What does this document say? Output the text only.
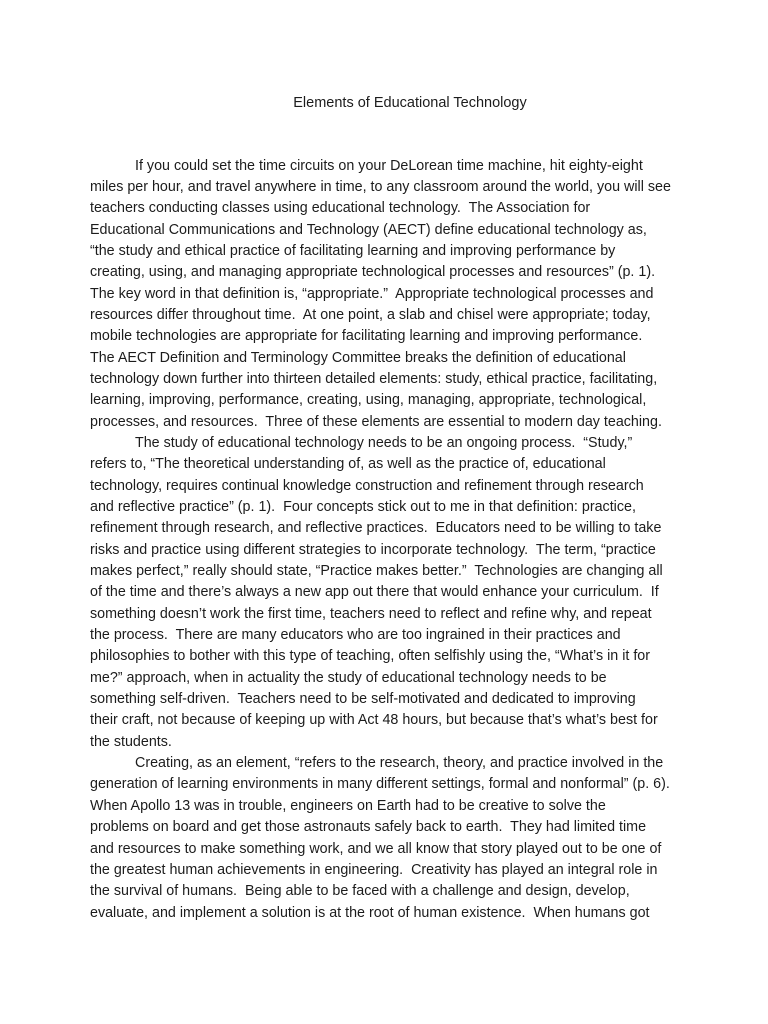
Elements of Educational Technology
If you could set the time circuits on your DeLorean time machine, hit eighty-eight
miles per hour, and travel anywhere in time, to any classroom around the world, you will see
teachers conducting classes using educational technology.  The Association for
Educational Communications and Technology (AECT) define educational technology as,
“the study and ethical practice of facilitating learning and improving performance by
creating, using, and managing appropriate technological processes and resources” (p. 1).
The key word in that definition is, “appropriate.”  Appropriate technological processes and
resources differ throughout time.  At one point, a slab and chisel were appropriate; today,
mobile technologies are appropriate for facilitating learning and improving performance.
The AECT Definition and Terminology Committee breaks the definition of educational
technology down further into thirteen detailed elements: study, ethical practice, facilitating,
learning, improving, performance, creating, using, managing, appropriate, technological,
processes, and resources.  Three of these elements are essential to modern day teaching.
The study of educational technology needs to be an ongoing process.  “Study,”
refers to, “The theoretical understanding of, as well as the practice of, educational
technology, requires continual knowledge construction and refinement through research
and reflective practice” (p. 1).  Four concepts stick out to me in that definition: practice,
refinement through research, and reflective practices.  Educators need to be willing to take
risks and practice using different strategies to incorporate technology.  The term, “practice
makes perfect,” really should state, “Practice makes better.”  Technologies are changing all
of the time and there’s always a new app out there that would enhance your curriculum.  If
something doesn’t work the first time, teachers need to reflect and refine why, and repeat
the process.  There are many educators who are too ingrained in their practices and
philosophies to bother with this type of teaching, often selfishly using the, “What’s in it for
me?” approach, when in actuality the study of educational technology needs to be
something self-driven.  Teachers need to be self-motivated and dedicated to improving
their craft, not because of keeping up with Act 48 hours, but because that’s what’s best for
the students.
Creating, as an element, “refers to the research, theory, and practice involved in the
generation of learning environments in many different settings, formal and nonformal” (p. 6).
When Apollo 13 was in trouble, engineers on Earth had to be creative to solve the
problems on board and get those astronauts safely back to earth.  They had limited time
and resources to make something work, and we all know that story played out to be one of
the greatest human achievements in engineering.  Creativity has played an integral role in
the survival of humans.  Being able to be faced with a challenge and design, develop,
evaluate, and implement a solution is at the root of human existence.  When humans got
